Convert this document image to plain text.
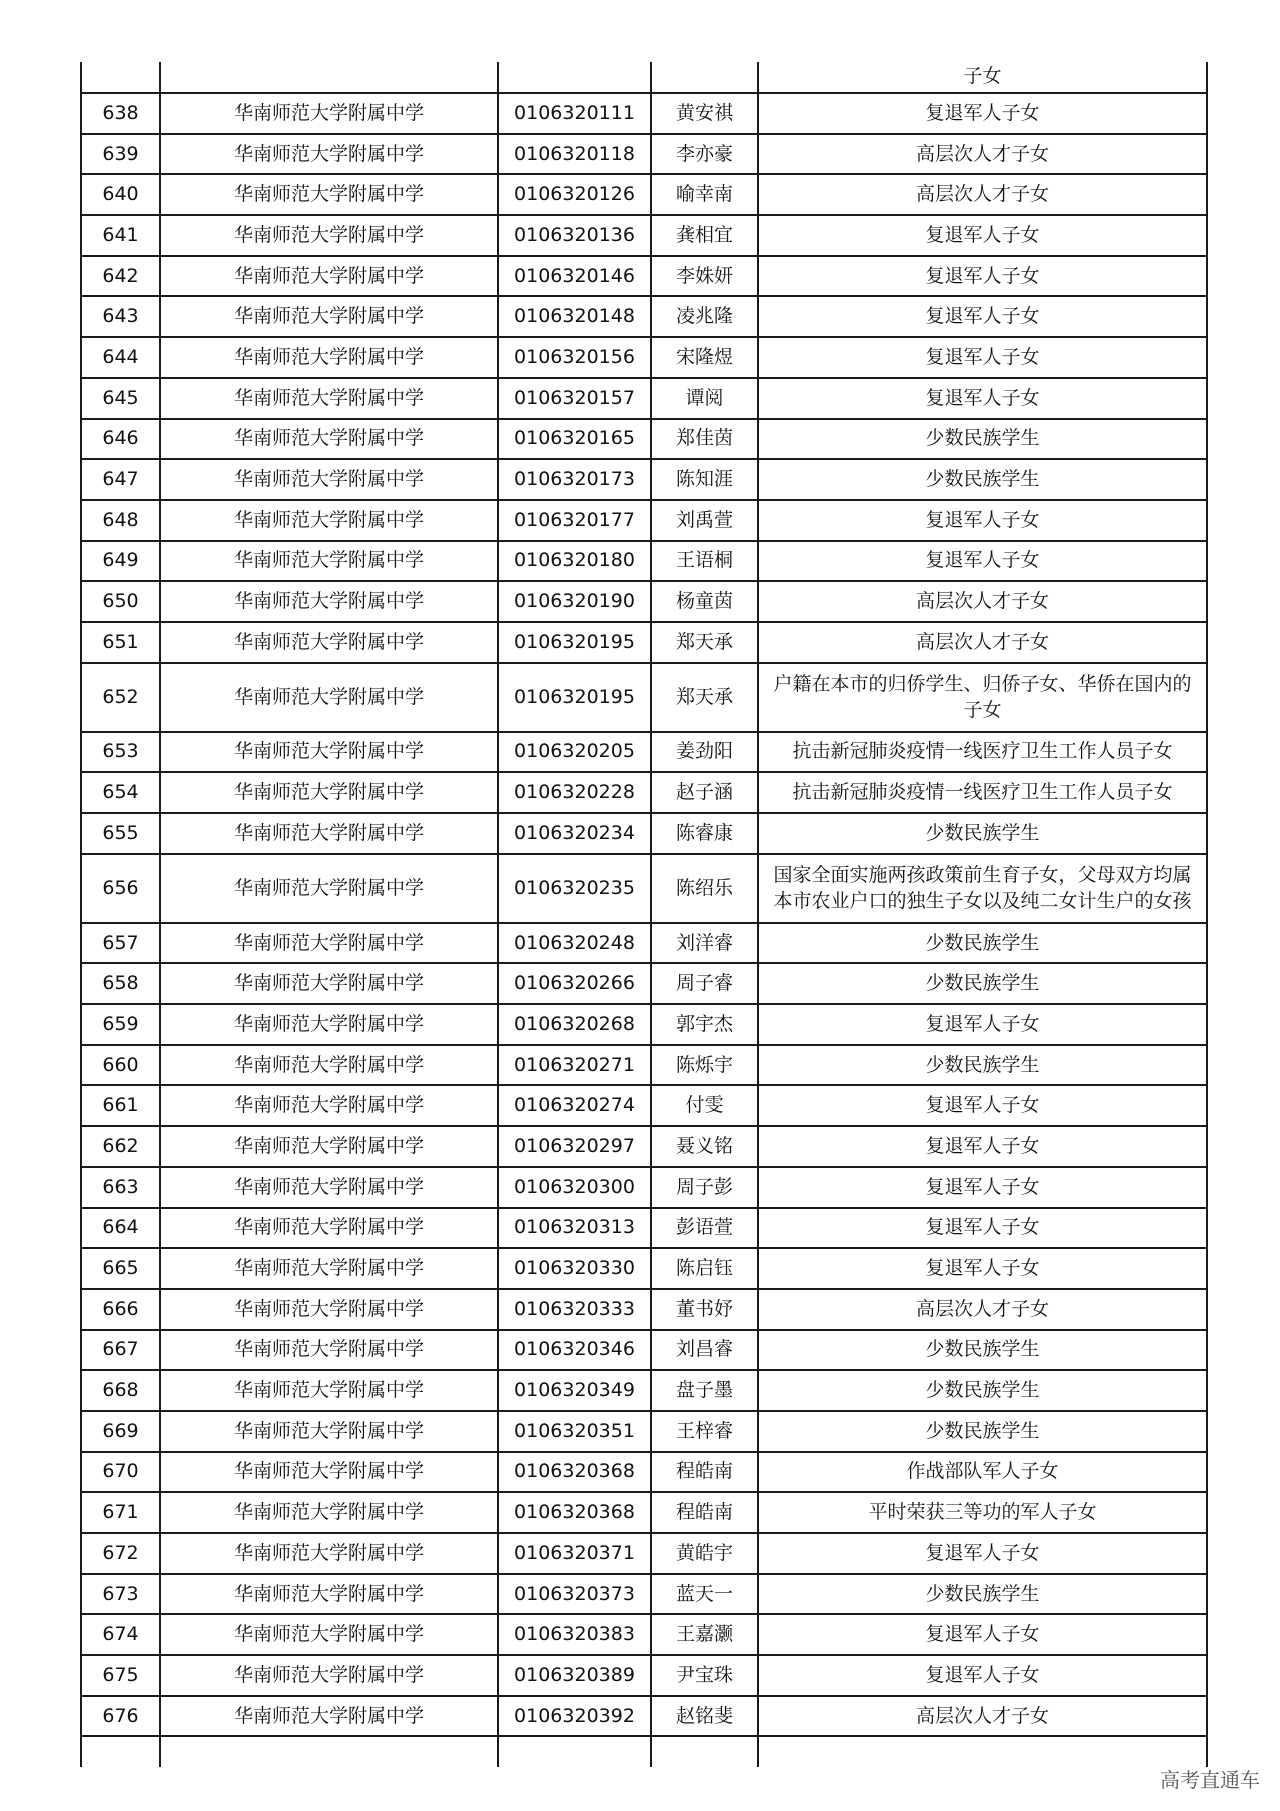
				子女
638	华南师范大学附属中学	0106320111	黄安祺	复退军人子女
639	华南师范大学附属中学	0106320118	李亦豪	高层次人才子女
640	华南师范大学附属中学	0106320126	喻幸南	高层次人才子女
641	华南师范大学附属中学	0106320136	龚相宜	复退军人子女
642	华南师范大学附属中学	0106320146	李姝妍	复退军人子女
643	华南师范大学附属中学	0106320148	凌兆隆	复退军人子女
644	华南师范大学附属中学	0106320156	宋隆煜	复退军人子女
645	华南师范大学附属中学	0106320157	谭阅	复退军人子女
646	华南师范大学附属中学	0106320165	郑佳茵	少数民族学生
647	华南师范大学附属中学	0106320173	陈知涯	少数民族学生
648	华南师范大学附属中学	0106320177	刘禹萱	复退军人子女
649	华南师范大学附属中学	0106320180	王语桐	复退军人子女
650	华南师范大学附属中学	0106320190	杨童茵	高层次人才子女
651	华南师范大学附属中学	0106320195	郑天承	高层次人才子女
652	华南师范大学附属中学	0106320195	郑天承	户籍在本市的归侨学生、归侨子女、华侨在国内的子女
653	华南师范大学附属中学	0106320205	姜劲阳	抗击新冠肺炎疫情一线医疗卫生工作人员子女
654	华南师范大学附属中学	0106320228	赵子涵	抗击新冠肺炎疫情一线医疗卫生工作人员子女
655	华南师范大学附属中学	0106320234	陈睿康	少数民族学生
656	华南师范大学附属中学	0106320235	陈绍乐	国家全面实施两孩政策前生育子女，父母双方均属本市农业户口的独生子女以及纯二女计生户的女孩
657	华南师范大学附属中学	0106320248	刘洋睿	少数民族学生
658	华南师范大学附属中学	0106320266	周子睿	少数民族学生
659	华南师范大学附属中学	0106320268	郭宇杰	复退军人子女
660	华南师范大学附属中学	0106320271	陈烁宇	少数民族学生
661	华南师范大学附属中学	0106320274	付雯	复退军人子女
662	华南师范大学附属中学	0106320297	聂义铭	复退军人子女
663	华南师范大学附属中学	0106320300	周子彭	复退军人子女
664	华南师范大学附属中学	0106320313	彭语萱	复退军人子女
665	华南师范大学附属中学	0106320330	陈启钰	复退军人子女
666	华南师范大学附属中学	0106320333	董书妤	高层次人才子女
667	华南师范大学附属中学	0106320346	刘昌睿	少数民族学生
668	华南师范大学附属中学	0106320349	盘子墨	少数民族学生
669	华南师范大学附属中学	0106320351	王梓睿	少数民族学生
670	华南师范大学附属中学	0106320368	程皓南	作战部队军人子女
671	华南师范大学附属中学	0106320368	程皓南	平时荣获三等功的军人子女
672	华南师范大学附属中学	0106320371	黄皓宇	复退军人子女
673	华南师范大学附属中学	0106320373	蓝天一	少数民族学生
674	华南师范大学附属中学	0106320383	王嘉灏	复退军人子女
675	华南师范大学附属中学	0106320389	尹宝珠	复退军人子女
676	华南师范大学附属中学	0106320392	赵铭斐	高层次人才子女

高考直通车
